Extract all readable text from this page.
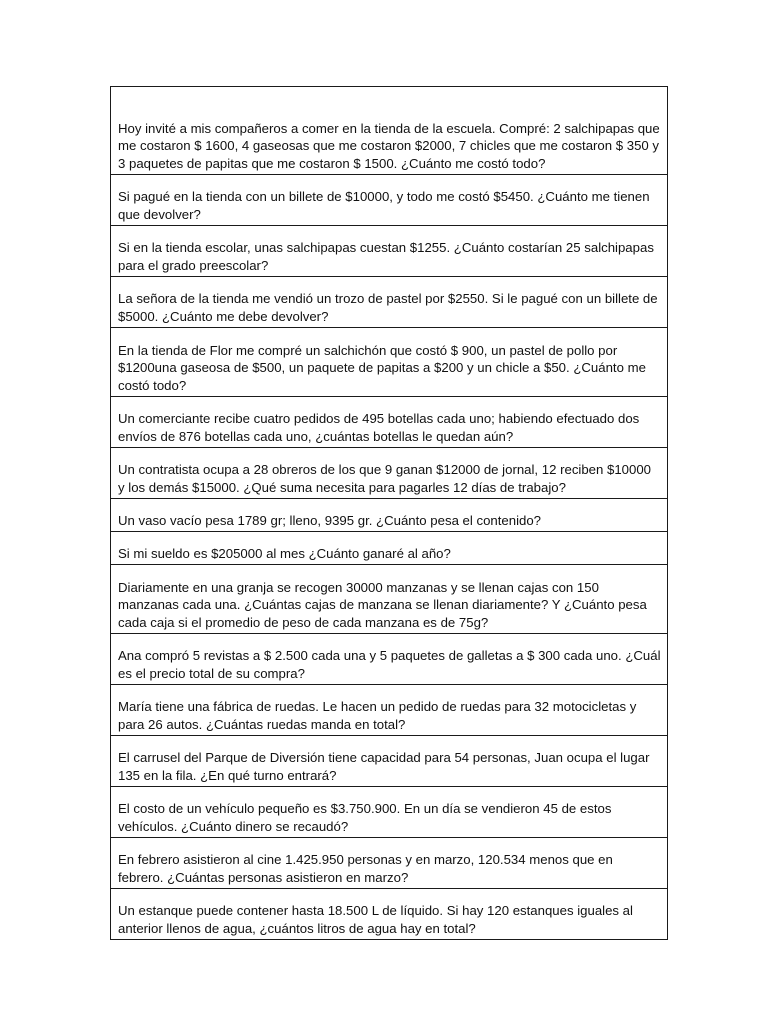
Hoy invité a mis compañeros a comer en la tienda de la escuela. Compré: 2 salchipapas que me costaron $ 1600, 4 gaseosas que me costaron $2000, 7 chicles que me costaron $ 350 y 3 paquetes de papitas que me costaron $ 1500. ¿Cuánto me costó todo?

Si pagué en la tienda con un billete de $10000, y todo me costó $5450. ¿Cuánto me tienen que devolver?

Si en la tienda escolar, unas salchipapas cuestan $1255. ¿Cuánto costarían 25 salchipapas para el grado preescolar?

La señora de la tienda me vendió un trozo de pastel por $2550. Si le pagué con un billete de $5000. ¿Cuánto me debe devolver?

En la tienda de Flor me compré un salchichón que costó $ 900, un pastel de pollo por $1200una gaseosa de $500, un paquete de papitas a $200 y un chicle a $50. ¿Cuánto me costó todo?

Un comerciante recibe cuatro pedidos de 495 botellas cada uno; habiendo efectuado dos envíos de 876 botellas cada uno, ¿cuántas botellas le quedan aún?

Un contratista ocupa a 28 obreros de los que 9 ganan $12000 de jornal, 12 reciben $10000 y los demás $15000. ¿Qué suma necesita para pagarles 12 días de trabajo?

Un vaso vacío pesa 1789 gr; lleno, 9395 gr. ¿Cuánto pesa el contenido?

Si mi sueldo es $205000 al mes ¿Cuánto ganaré al año?

Diariamente en una granja se recogen 30000 manzanas y se llenan cajas con 150 manzanas cada una. ¿Cuántas cajas de manzana se llenan diariamente? Y ¿Cuánto pesa cada caja si el promedio de peso de cada manzana es de 75g?

Ana compró 5 revistas a $ 2.500 cada una y 5 paquetes de galletas a $ 300 cada uno. ¿Cuál es el precio total de su compra?

María tiene una fábrica de ruedas. Le hacen un pedido de ruedas para 32 motocicletas y para 26 autos. ¿Cuántas ruedas manda en total?

El carrusel del Parque de Diversión tiene capacidad para 54 personas, Juan ocupa el lugar 135 en la fila. ¿En qué turno entrará?

El costo de un vehículo pequeño es $3.750.900. En un día se vendieron 45 de estos vehículos. ¿Cuánto dinero se recaudó?

En febrero asistieron al cine 1.425.950 personas y en marzo, 120.534 menos que en febrero. ¿Cuántas personas asistieron en marzo?

Un estanque puede contener hasta 18.500 L de líquido. Si hay 120 estanques iguales al anterior llenos de agua, ¿cuántos litros de agua hay en total?
